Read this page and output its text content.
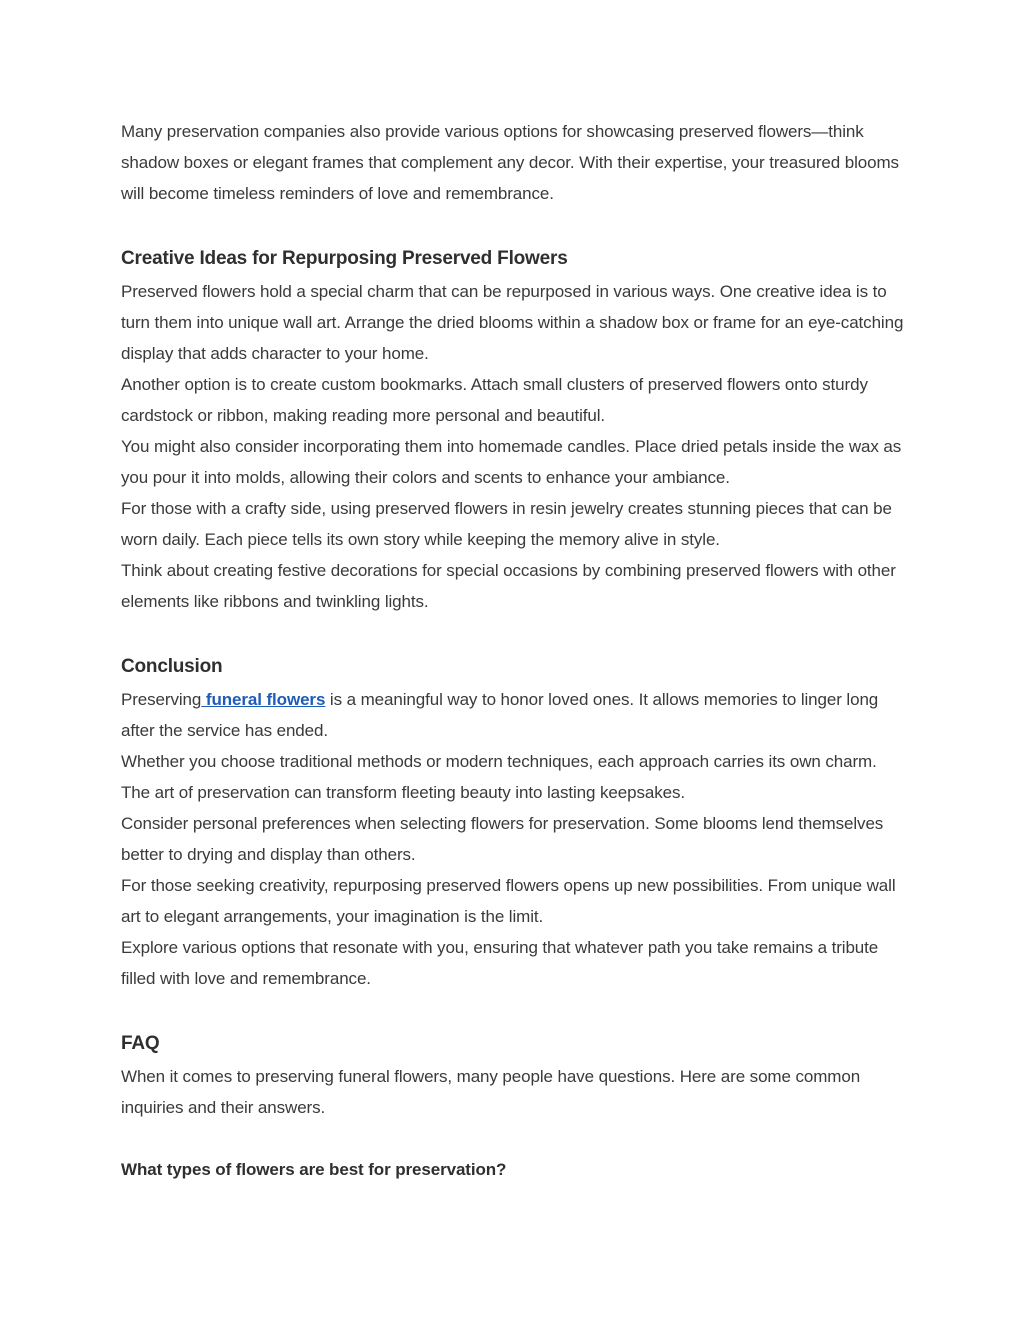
Many preservation companies also provide various options for showcasing preserved flowers—think shadow boxes or elegant frames that complement any decor. With their expertise, your treasured blooms will become timeless reminders of love and remembrance.

Creative Ideas for Repurposing Preserved Flowers

Preserved flowers hold a special charm that can be repurposed in various ways. One creative idea is to turn them into unique wall art. Arrange the dried blooms within a shadow box or frame for an eye-catching display that adds character to your home.

Another option is to create custom bookmarks. Attach small clusters of preserved flowers onto sturdy cardstock or ribbon, making reading more personal and beautiful.

You might also consider incorporating them into homemade candles. Place dried petals inside the wax as you pour it into molds, allowing their colors and scents to enhance your ambiance.

For those with a crafty side, using preserved flowers in resin jewelry creates stunning pieces that can be worn daily. Each piece tells its own story while keeping the memory alive in style.

Think about creating festive decorations for special occasions by combining preserved flowers with other elements like ribbons and twinkling lights.

Conclusion

Preserving funeral flowers is a meaningful way to honor loved ones. It allows memories to linger long after the service has ended.

Whether you choose traditional methods or modern techniques, each approach carries its own charm. The art of preservation can transform fleeting beauty into lasting keepsakes.

Consider personal preferences when selecting flowers for preservation. Some blooms lend themselves better to drying and display than others.

For those seeking creativity, repurposing preserved flowers opens up new possibilities. From unique wall art to elegant arrangements, your imagination is the limit.

Explore various options that resonate with you, ensuring that whatever path you take remains a tribute filled with love and remembrance.

FAQ

When it comes to preserving funeral flowers, many people have questions. Here are some common inquiries and their answers.

What types of flowers are best for preservation?
